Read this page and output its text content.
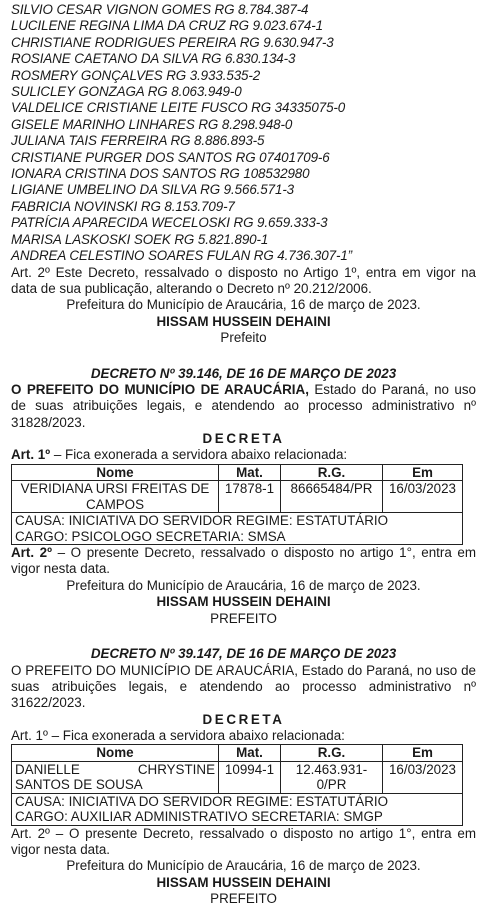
SILVIO CESAR VIGNON GOMES RG 8.784.387-4
LUCILENE REGINA LIMA DA CRUZ RG 9.023.674-1
CHRISTIANE RODRIGUES PEREIRA RG 9.630.947-3
ROSIANE CAETANO DA SILVA RG 6.830.134-3
ROSMERY GONÇALVES RG 3.933.535-2
SULICLEY GONZAGA RG 8.063.949-0
VALDELICE CRISTIANE LEITE FUSCO RG 34335075-0
GISELE MARINHO LINHARES RG 8.298.948-0
JULIANA TAIS FERREIRA RG 8.886.893-5
CRISTIANE PURGER DOS SANTOS RG 07401709-6
IONARA CRISTINA DOS SANTOS RG 108532980
LIGIANE UMBELINO DA SILVA RG 9.566.571-3
FABRICIA NOVINSKI RG 8.153.709-7
PATRÍCIA APARECIDA WECELOSKI RG 9.659.333-3
MARISA LASKOSKI SOEK RG 5.821.890-1
ANDREA CELESTINO SOARES FULAN RG 4.736.307-1”
Art. 2º Este Decreto, ressalvado o disposto no Artigo 1º, entra em vigor na data de sua publicação, alterando o Decreto nº 20.212/2006.
Prefeitura do Município de Araucária, 16 de março de 2023.
HISSAM HUSSEIN DEHAINI
Prefeito
DECRETO Nº 39.146, DE 16 DE MARÇO DE 2023
O PREFEITO DO MUNICÍPIO DE ARAUCÁRIA, Estado do Paraná, no uso de suas atribuições legais, e atendendo ao processo administrativo nº 31828/2023.
DECRETA
Art. 1º – Fica exonerada a servidora abaixo relacionada:
Nome	Mat.	R.G.	Em
VERIDIANA URSI FREITAS DE CAMPOS	17878-1	86665484/PR	16/03/2023

CAUSA: INICIATIVA DO SERVIDOR REGIME: ESTATUTÁRIO
CARGO: PSICOLOGO SECRETARIA: SMSA			
Art. 2º – O presente Decreto, ressalvado o disposto no artigo 1°, entra em vigor nesta data.
Prefeitura do Município de Araucária, 16 de março de 2023.
HISSAM HUSSEIN DEHAINI
PREFEITO
DECRETO Nº 39.147, DE 16 DE MARÇO DE 2023
O PREFEITO DO MUNICÍPIO DE ARAUCÁRIA, Estado do Paraná, no uso de suas atribuições legais, e atendendo ao processo administrativo nº 31622/2023.
DECRETA
Art. 1º – Fica exonerada a servidora abaixo relacionada:
Nome	Mat.	R.G.	Em
DANIELLE CHRYSTINE SANTOS DE SOUSA	10994-1	12.463.931-0/PR	16/03/2023

CAUSA: INICIATIVA DO SERVIDOR REGIME: ESTATUTÁRIO
CARGO: AUXILIAR ADMINISTRATIVO SECRETARIA: SMGP			
Art. 2º – O presente Decreto, ressalvado o disposto no artigo 1°, entra em vigor nesta data.
Prefeitura do Município de Araucária, 16 de março de 2023.
HISSAM HUSSEIN DEHAINI
PREFEITO
